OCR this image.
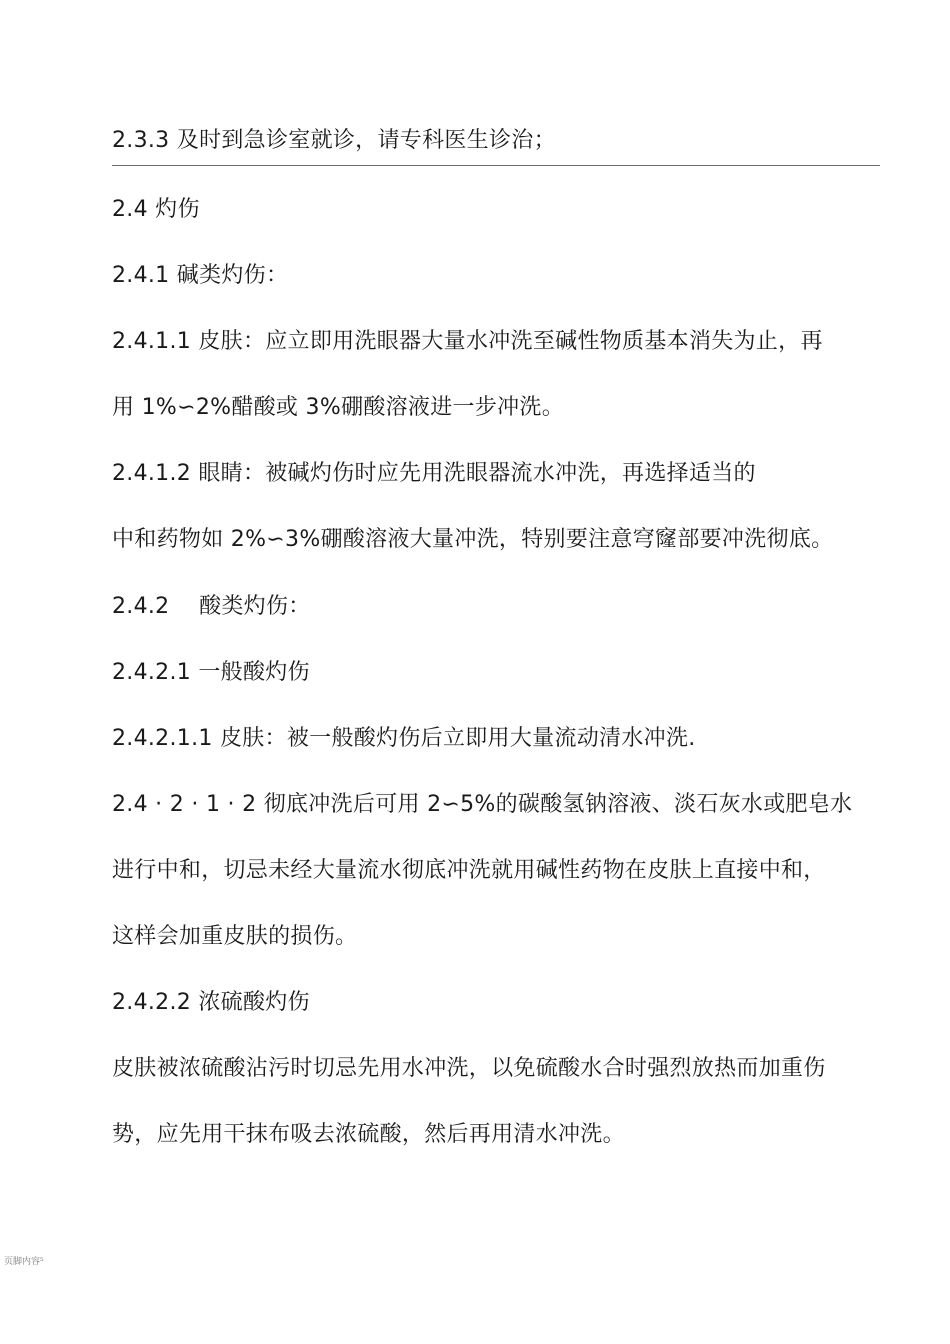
2.3.3 及时到急诊室就诊，请专科医生诊治；
2.4 灼伤
2.4.1 碱类灼伤：
2.4.1.1 皮肤：应立即用洗眼器大量水冲洗至碱性物质基本消失为止，再
用 1%∽2%醋酸或 3%硼酸溶液进一步冲洗。
2.4.1.2 眼睛：被碱灼伤时应先用洗眼器流水冲洗，再选择适当的
中和药物如 2%∽3%硼酸溶液大量冲洗，特别要注意穹窿部要冲洗彻底。
2.4.2　 酸类灼伤：
2.4.2.1 一般酸灼伤
2.4.2.1.1 皮肤：被一般酸灼伤后立即用大量流动清水冲洗.
2.4 · 2 · 1 · 2 彻底冲洗后可用 2∽5%的碳酸氢钠溶液、淡石灰水或肥皂水
进行中和，切忌未经大量流水彻底冲洗就用碱性药物在皮肤上直接中和，
这样会加重皮肤的损伤。
2.4.2.2 浓硫酸灼伤
皮肤被浓硫酸沾污时切忌先用水冲洗，以免硫酸水合时强烈放热而加重伤
势，应先用干抹布吸去浓硫酸，然后再用清水冲洗。
页脚内容⁵
